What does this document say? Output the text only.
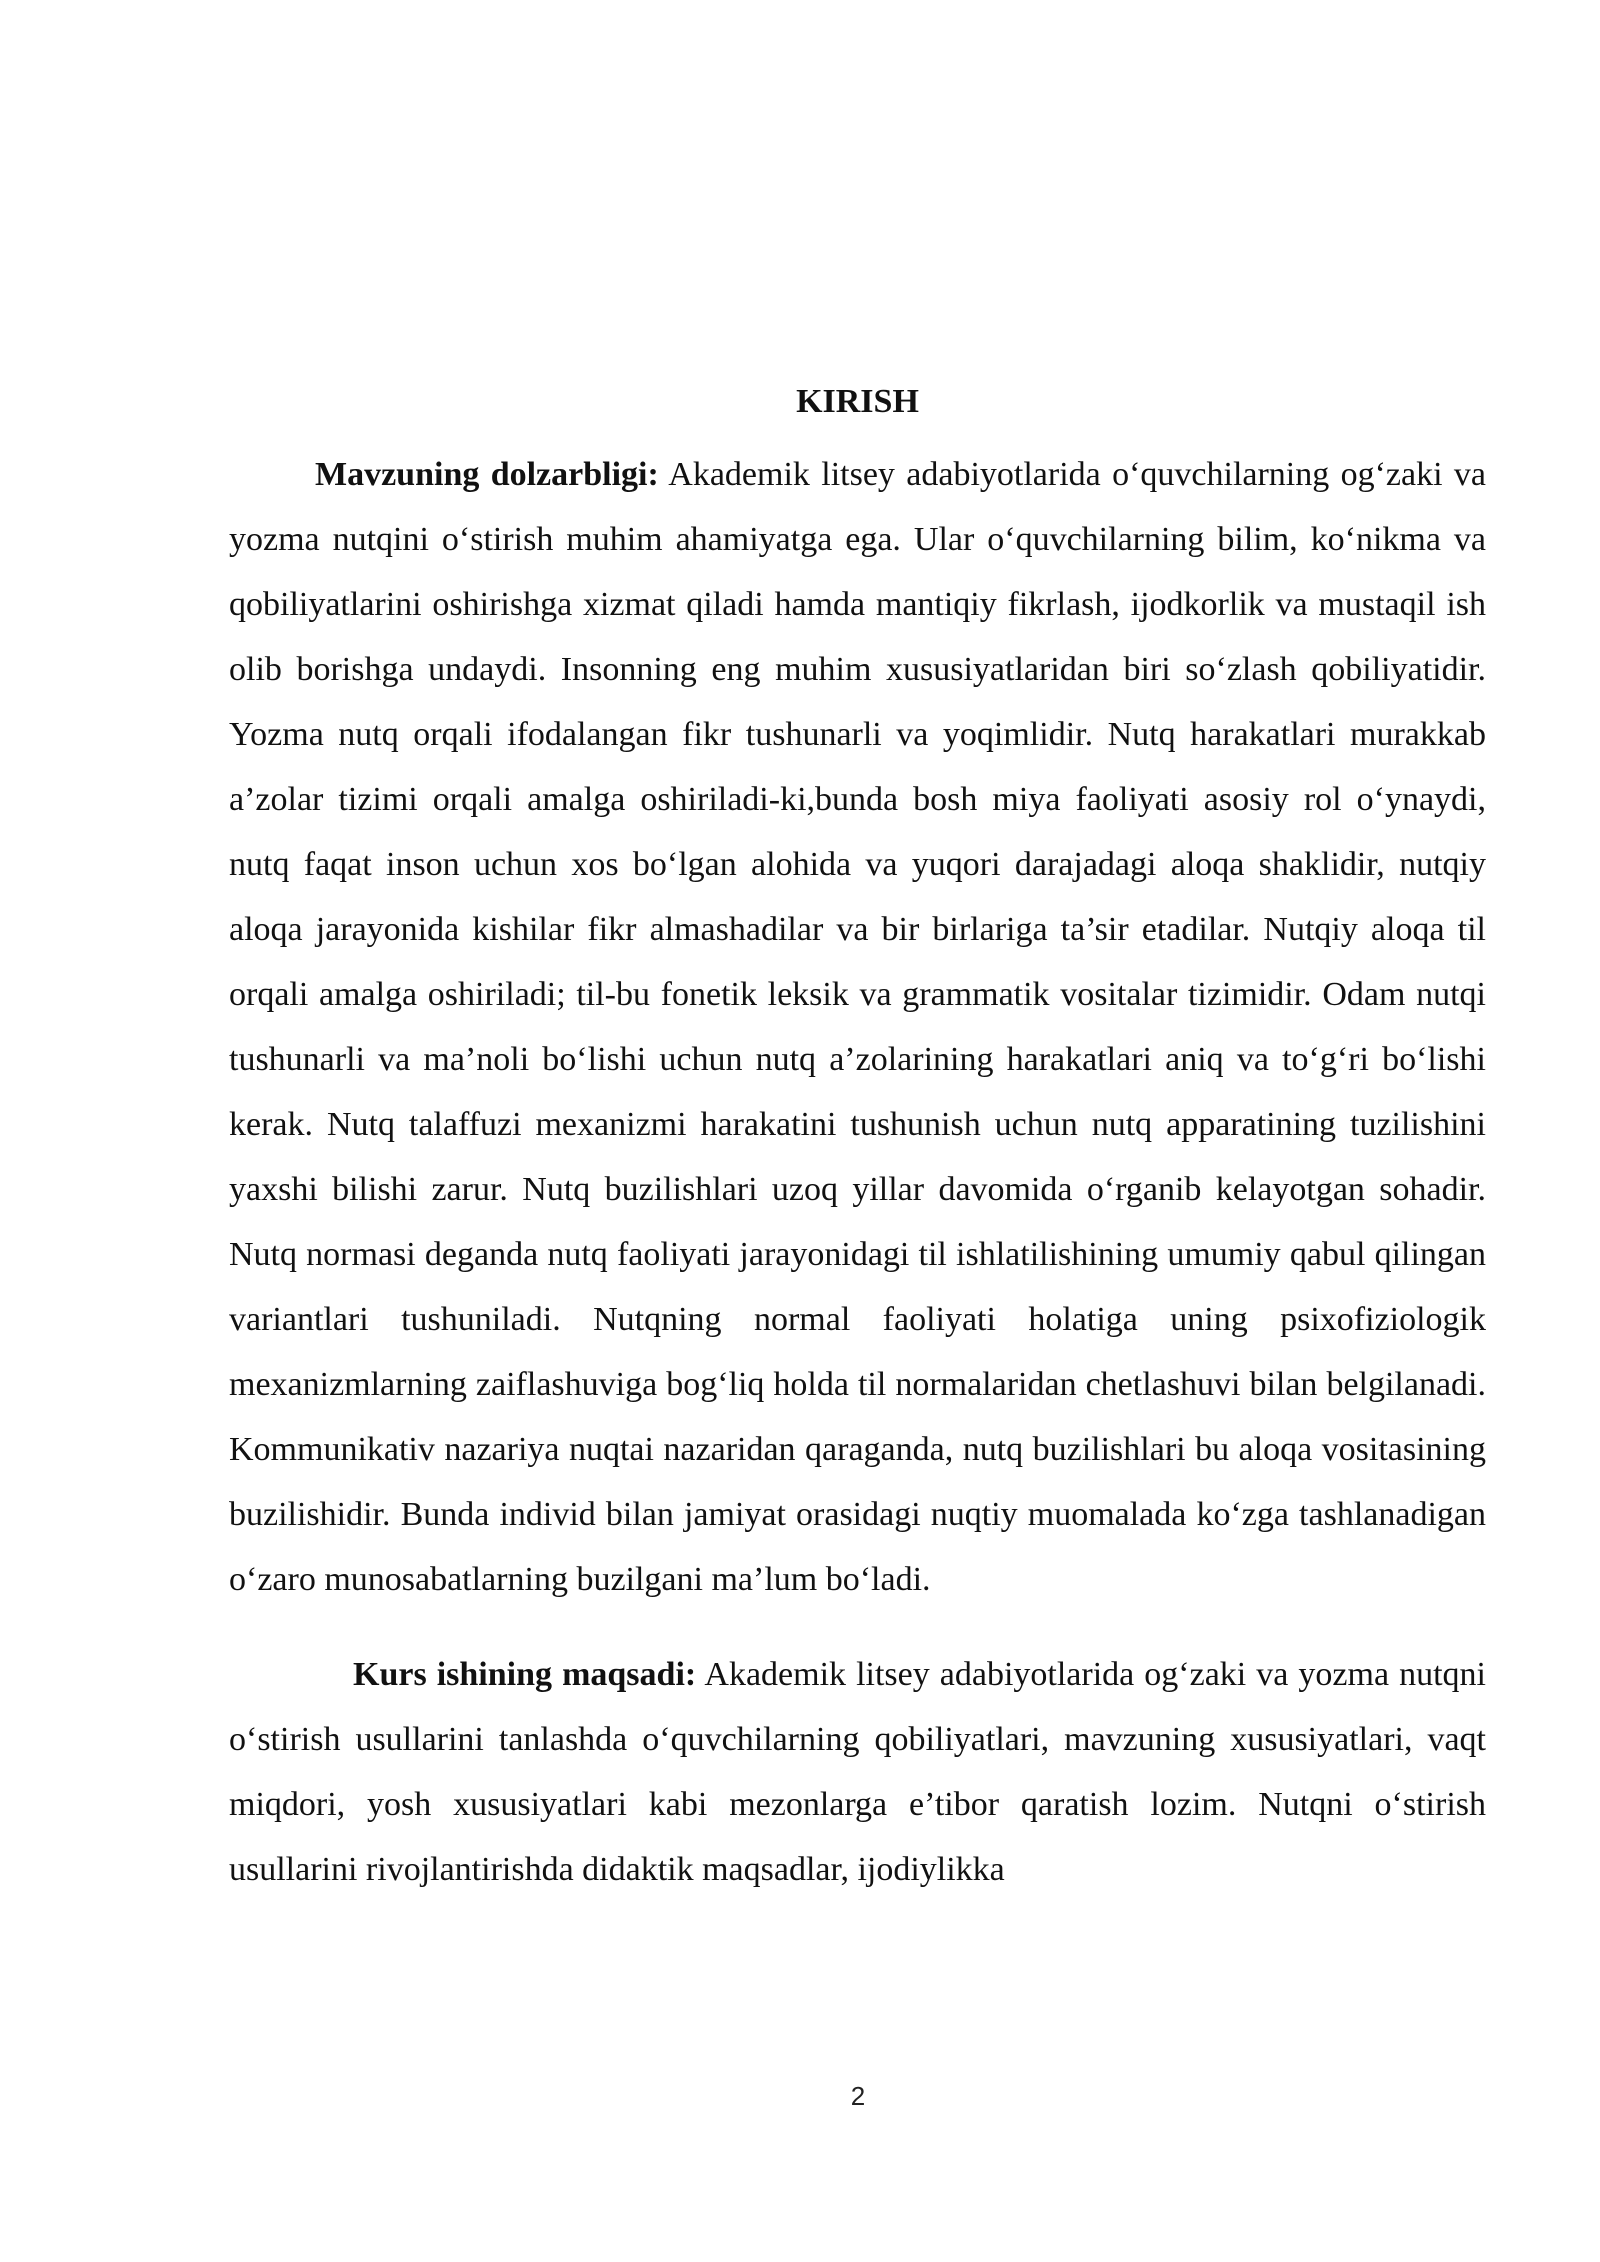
KIRISH

Mavzuning dolzarbligi: Akademik litsey adabiyotlarida o‘quvchilarning og‘zaki va yozma nutqini o‘stirish muhim ahamiyatga ega. Ular o‘quvchilarning bilim, ko‘nikma va qobiliyatlarini oshirishga xizmat qiladi hamda mantiqiy fikrlash, ijodkorlik va mustaqil ish olib borishga undaydi. Insonning eng muhim xususiyatlaridan biri so‘zlash qobiliyatidir. Yozma nutq orqali ifodalangan fikr tushunarli va yoqimlidir. Nutq harakatlari murakkab a’zolar tizimi orqali amalga oshiriladi-ki,bunda bosh miya faoliyati asosiy rol o‘ynaydi, nutq faqat inson uchun xos bo‘lgan alohida va yuqori darajadagi aloqa shaklidir, nutqiy aloqa jarayonida kishilar fikr almashadilar va bir birlariga ta’sir etadilar. Nutqiy aloqa til orqali amalga oshiriladi; til-bu fonetik leksik va grammatik vositalar tizimidir. Odam nutqi tushunarli va ma’noli bo‘lishi uchun nutq a’zolarining harakatlari aniq va to‘g‘ri bo‘lishi kerak. Nutq talaffuzi mexanizmi harakatini tushunish uchun nutq apparatining tuzilishini yaxshi bilishi zarur. Nutq buzilishlari uzoq yillar davomida o‘rganib kelayotgan sohadir. Nutq normasi deganda nutq faoliyati jarayonidagi til ishlatilishining umumiy qabul qilingan variantlari tushuniladi. Nutqning normal faoliyati holatiga uning psixofiziologik mexanizmlarning zaiflashuviga bog‘liq holda til normalaridan chetlashuvi bilan belgilanadi. Kommunikativ nazariya nuqtai nazaridan qaraganda, nutq buzilishlari bu aloqa vositasining buzilishidir. Bunda individ bilan jamiyat orasidagi nuqtiy muomalada ko‘zga tashlanadigan o‘zaro munosabatlarning buzilgani ma’lum bo‘ladi.

Kurs ishining maqsadi: Akademik litsey adabiyotlarida og‘zaki va yozma nutqni o‘stirish usullarini tanlashda o‘quvchilarning qobiliyatlari, mavzuning xususiyatlari, vaqt miqdori, yosh xususiyatlari kabi mezonlarga e’tibor qaratish lozim. Nutqni o‘stirish usullarini rivojlantirishda didaktik maqsadlar, ijodiylikka

2
